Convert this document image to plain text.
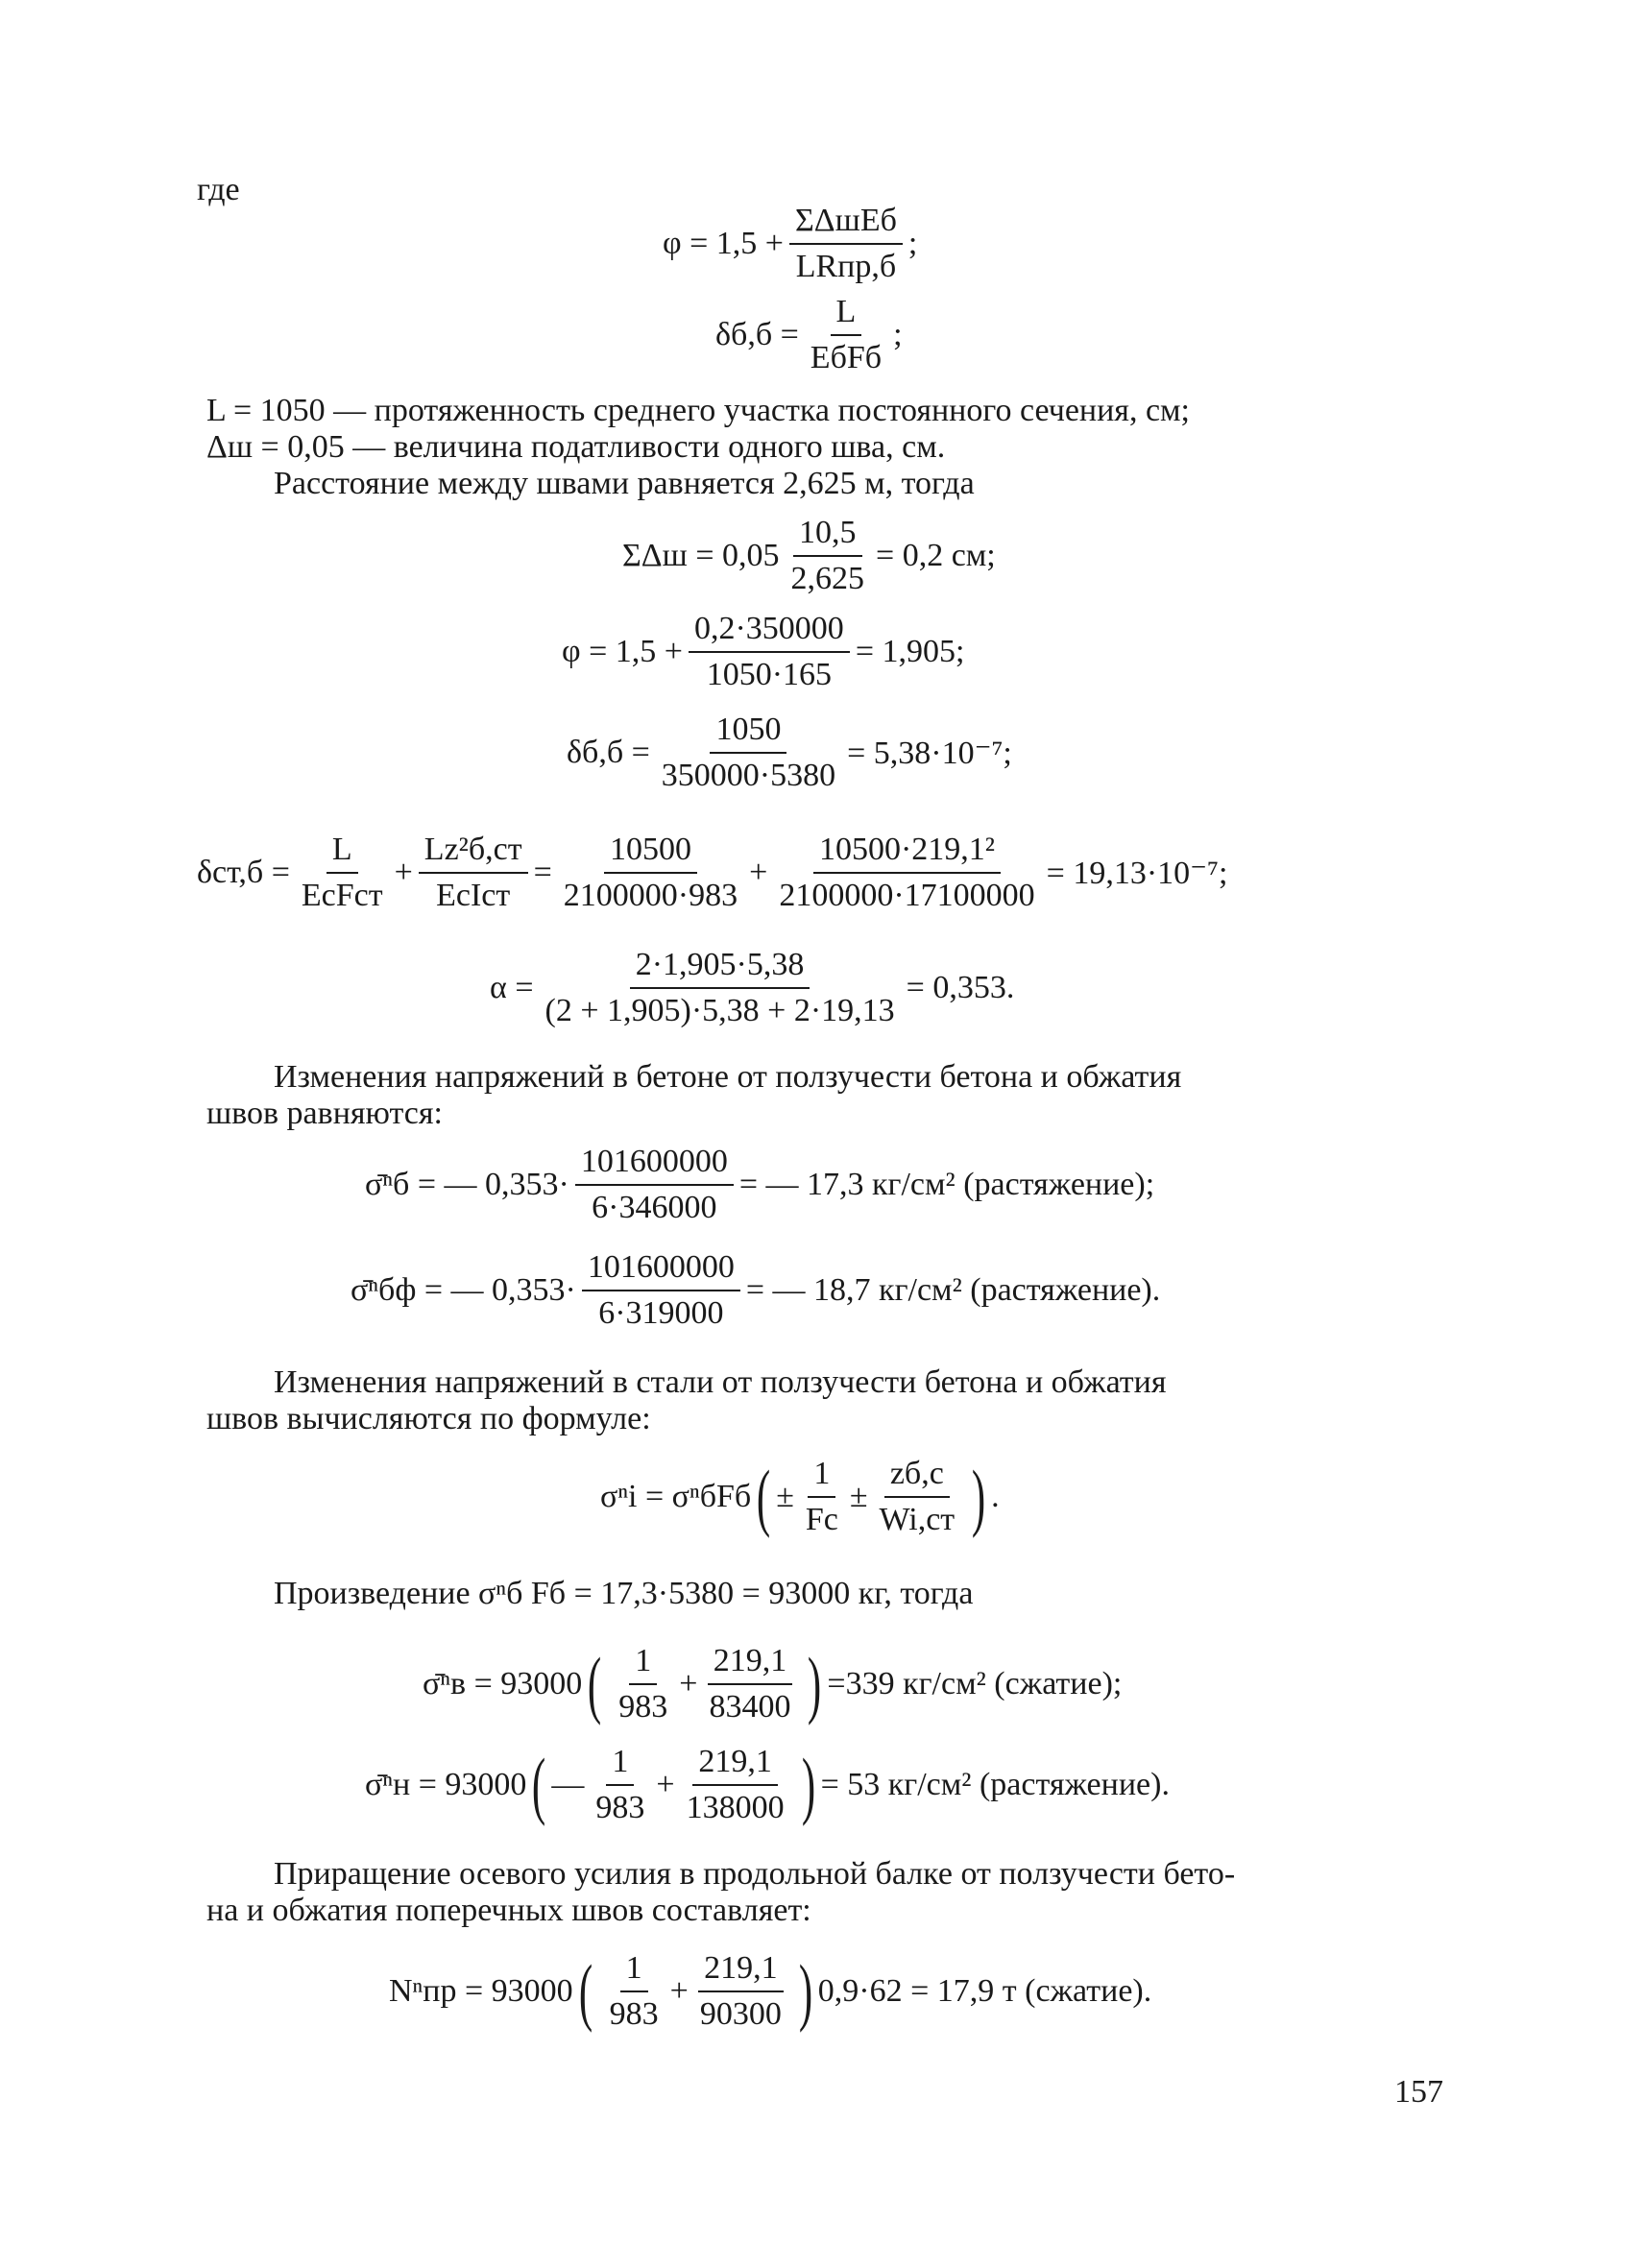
где
$\varphi = 1,5 + \frac{\text{ΣΔшEб}}{\text{LRпр,б}}$ ;
$\delta б,б = \frac{L}{\text{EбFб}}$ ;
L = 1050 — протяженность среднего участка постоянного сечения, см;
Δш = 0,05 — величина податливости одного шва, см.
Расстояние между швами равняется 2,625 м, тогда
$\Sigma\Delta ш = 0,05 \frac{10,5}{2,625} = 0,2$ см;
$\varphi = 1,5 + \frac{0,2\cdot 350000}{1050\cdot 165} = 1,905$;
$\delta б,б = \frac{1050}{350000\cdot 5380} = 5,38\cdot 10^{-7}$;
$\delta ст,б = \frac{L}{\text{EсFст}} + \frac{\text{Lz²б,ст}}{\text{EсIст}} = \frac{10500}{2100000\cdot 983} + \frac{\text{10500·219,1²}}{2100000\cdot 17100000} = 19,13\cdot 10^{-7}$;
$\alpha = \frac{2\cdot 1,905\cdot 5,38}{(2 + 1,905)\cdot 5,38 + 2\cdot 19,13} = 0,353$.
Изменения напряжений в бетоне от ползучести бетона и обжатия
швов равняются:
σ̄ⁿб = — $0,353\cdot \frac{101600000}{6\cdot 346000}$ = — 17,3 кг/см² (растяжение);
σ̄ⁿбф = — $0,353\cdot \frac{101600000}{6\cdot 319000}$ = — 18,7 кг/см² (растяжение).
Изменения напряжений в стали от ползучести бетона и обжатия
швов вычисляются по формуле:
σⁿi = σⁿбFб ( ± $\frac{1}{Fс} \pm \frac{zб,с}{Wi,ст}$ ) .
Произведение σⁿб Fб = 17,3·5380 = 93000 кг, тогда
σ̄ⁿв = 93000 ( $\frac{1}{983} + \frac{219,1}{83400}$ ) =339 кг/см² (сжатие);
σ̄ⁿн = 93000 ( — $\frac{1}{983} + \frac{219,1}{138000}$ ) = 53 кг/см² (растяжение).
Приращение осевого усилия в продольной балке от ползучести бето-
на и обжатия поперечных швов составляет:
Nⁿпр = 93000 ( $\frac{1}{983} + \frac{219,1}{90300}$ ) 0,9·62 = 17,9 т (сжатие).
157
